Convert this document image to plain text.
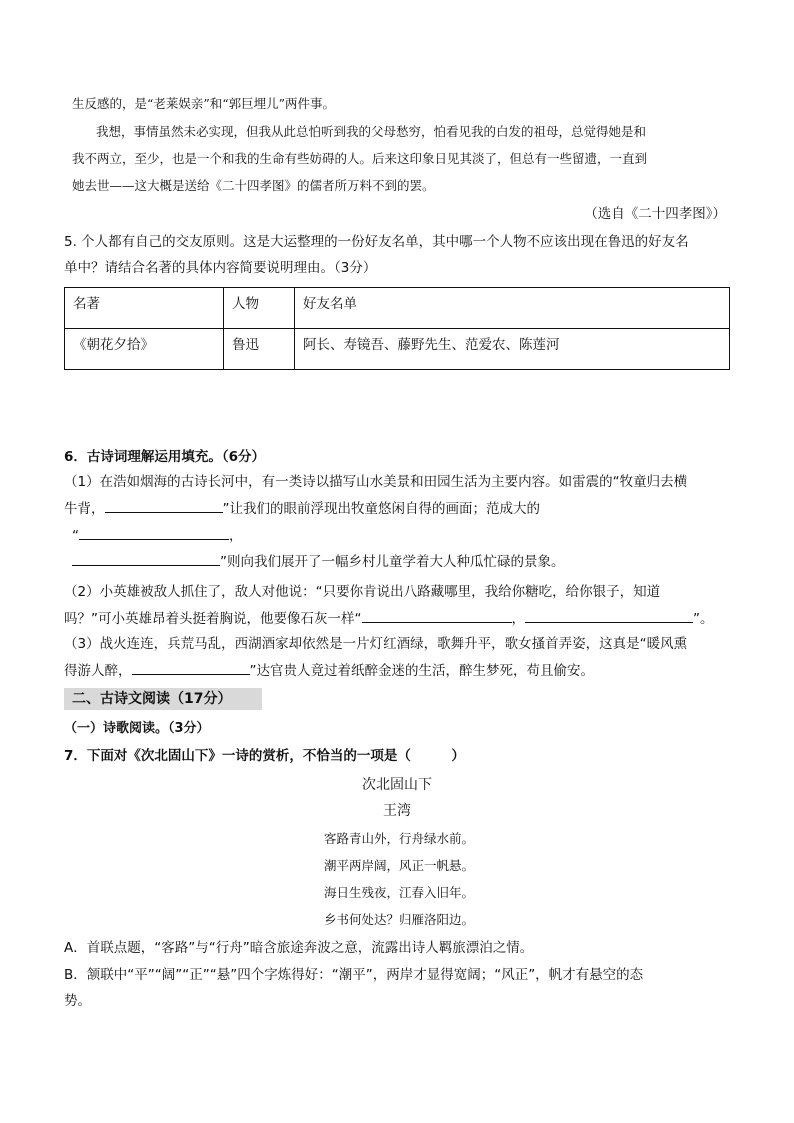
生反感的，是“老莱娱亲”和“郭巨埋儿”两件事。
我想，事情虽然未必实现，但我从此总怕听到我的父母愁穷，怕看见我的白发的祖母，总觉得她是和
我不两立，至少，也是一个和我的生命有些妨碍的人。后来这印象日见其淡了，但总有一些留遗，一直到
她去世——这大概是送给《二十四孝图》的儒者所万料不到的罢。
（选自《二十四孝图》）
5. 个人都有自己的交友原则。这是大运整理的一份好友名单，其中哪一个人物不应该出现在鲁迅的好友名
单中？请结合名著的具体内容简要说明理由。（3分）
名著	人物	好友名单
《朝花夕拾》	鲁迅	阿长、寿镜吾、藤野先生、范爱农、陈莲河
6．古诗词理解运用填充。（6分）
（1）在浩如烟海的古诗长河中，有一类诗以描写山水美景和田园生活为主要内容。如雷震的“牧童归去横
牛背，	”让我们的眼前浮现出牧童悠闲自得的画面；范成大的
“	，
”则向我们展开了一幅乡村儿童学着大人种瓜忙碌的景象。
（2）小英雄被敌人抓住了，敌人对他说：“只要你肯说出八路藏哪里，我给你糖吃，给你银子，知道
吗？”可小英雄昂着头挺着胸说，他要像石灰一样“	，	”。
（3）战火连连，兵荒马乱，西湖酒家却依然是一片灯红酒绿，歌舞升平，歌女搔首弄姿，这真是“暖风熏
得游人醉，	”达官贵人竟过着纸醉金迷的生活，醉生梦死，苟且偷安。
二、古诗文阅读（17分）
（一）诗歌阅读。（3分）
7．下面对《次北固山下》一诗的赏析，不恰当的一项是（　　　）
次北固山下
王湾
客路青山外，行舟绿水前。
潮平两岸阔，风正一帆悬。
海日生残夜，江春入旧年。
乡书何处达？归雁洛阳边。
A．首联点题，“客路”与“行舟”暗含旅途奔波之意，流露出诗人羁旅漂泊之情。
B．颔联中“平”“阔”“正”“悬”四个字炼得好：“潮平”，两岸才显得宽阔；“风正”，帆才有悬空的态
势。
